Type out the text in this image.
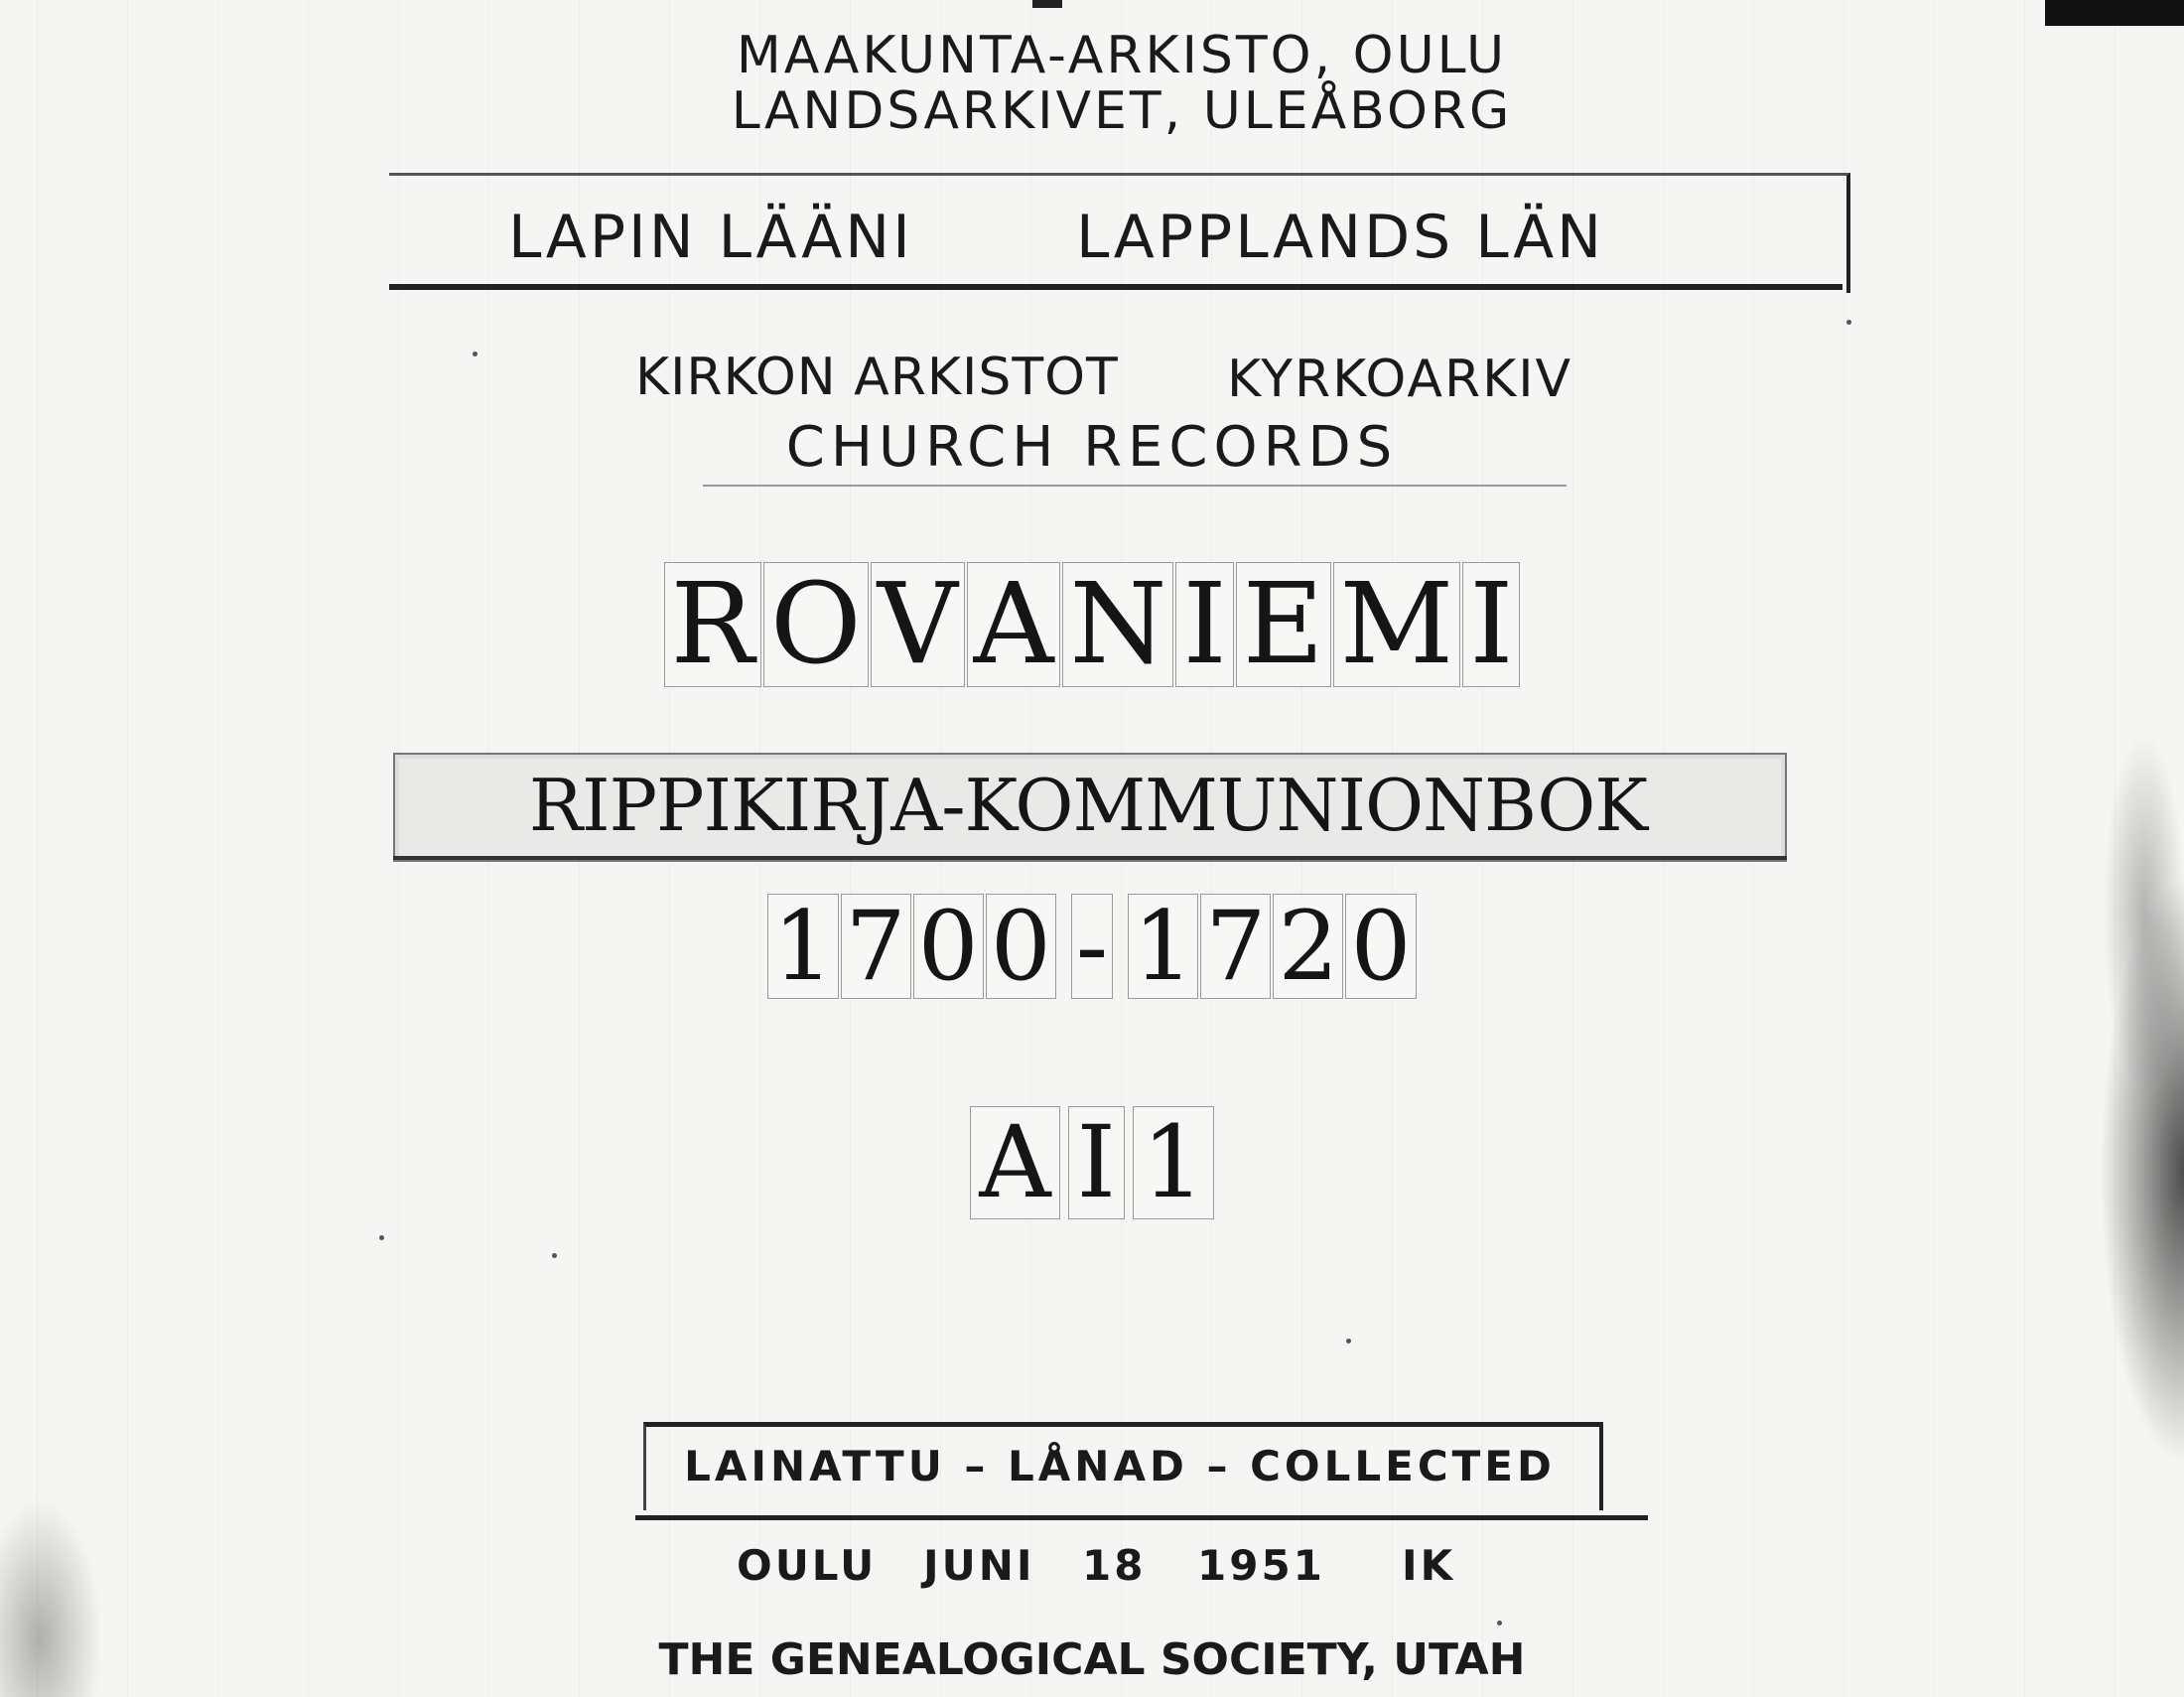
MAAKUNTA-ARKISTO, OULU
LANDSARKIVET, ULEÅBORG
LAPIN LÄÄNI	LAPPLANDS LÄN
KIRKON ARKISTOT KYRKOARKIV
CHURCH RECORDS
R O V A N I E M I
RIPPIKIRJA-KOMMUNIONBOK
1 7 0 0 - 1 7 2 0
A I 1
LAINATTU – LÅNAD – COLLECTED
OULU JUNI 18 1951 IK
THE GENEALOGICAL SOCIETY, UTAH
